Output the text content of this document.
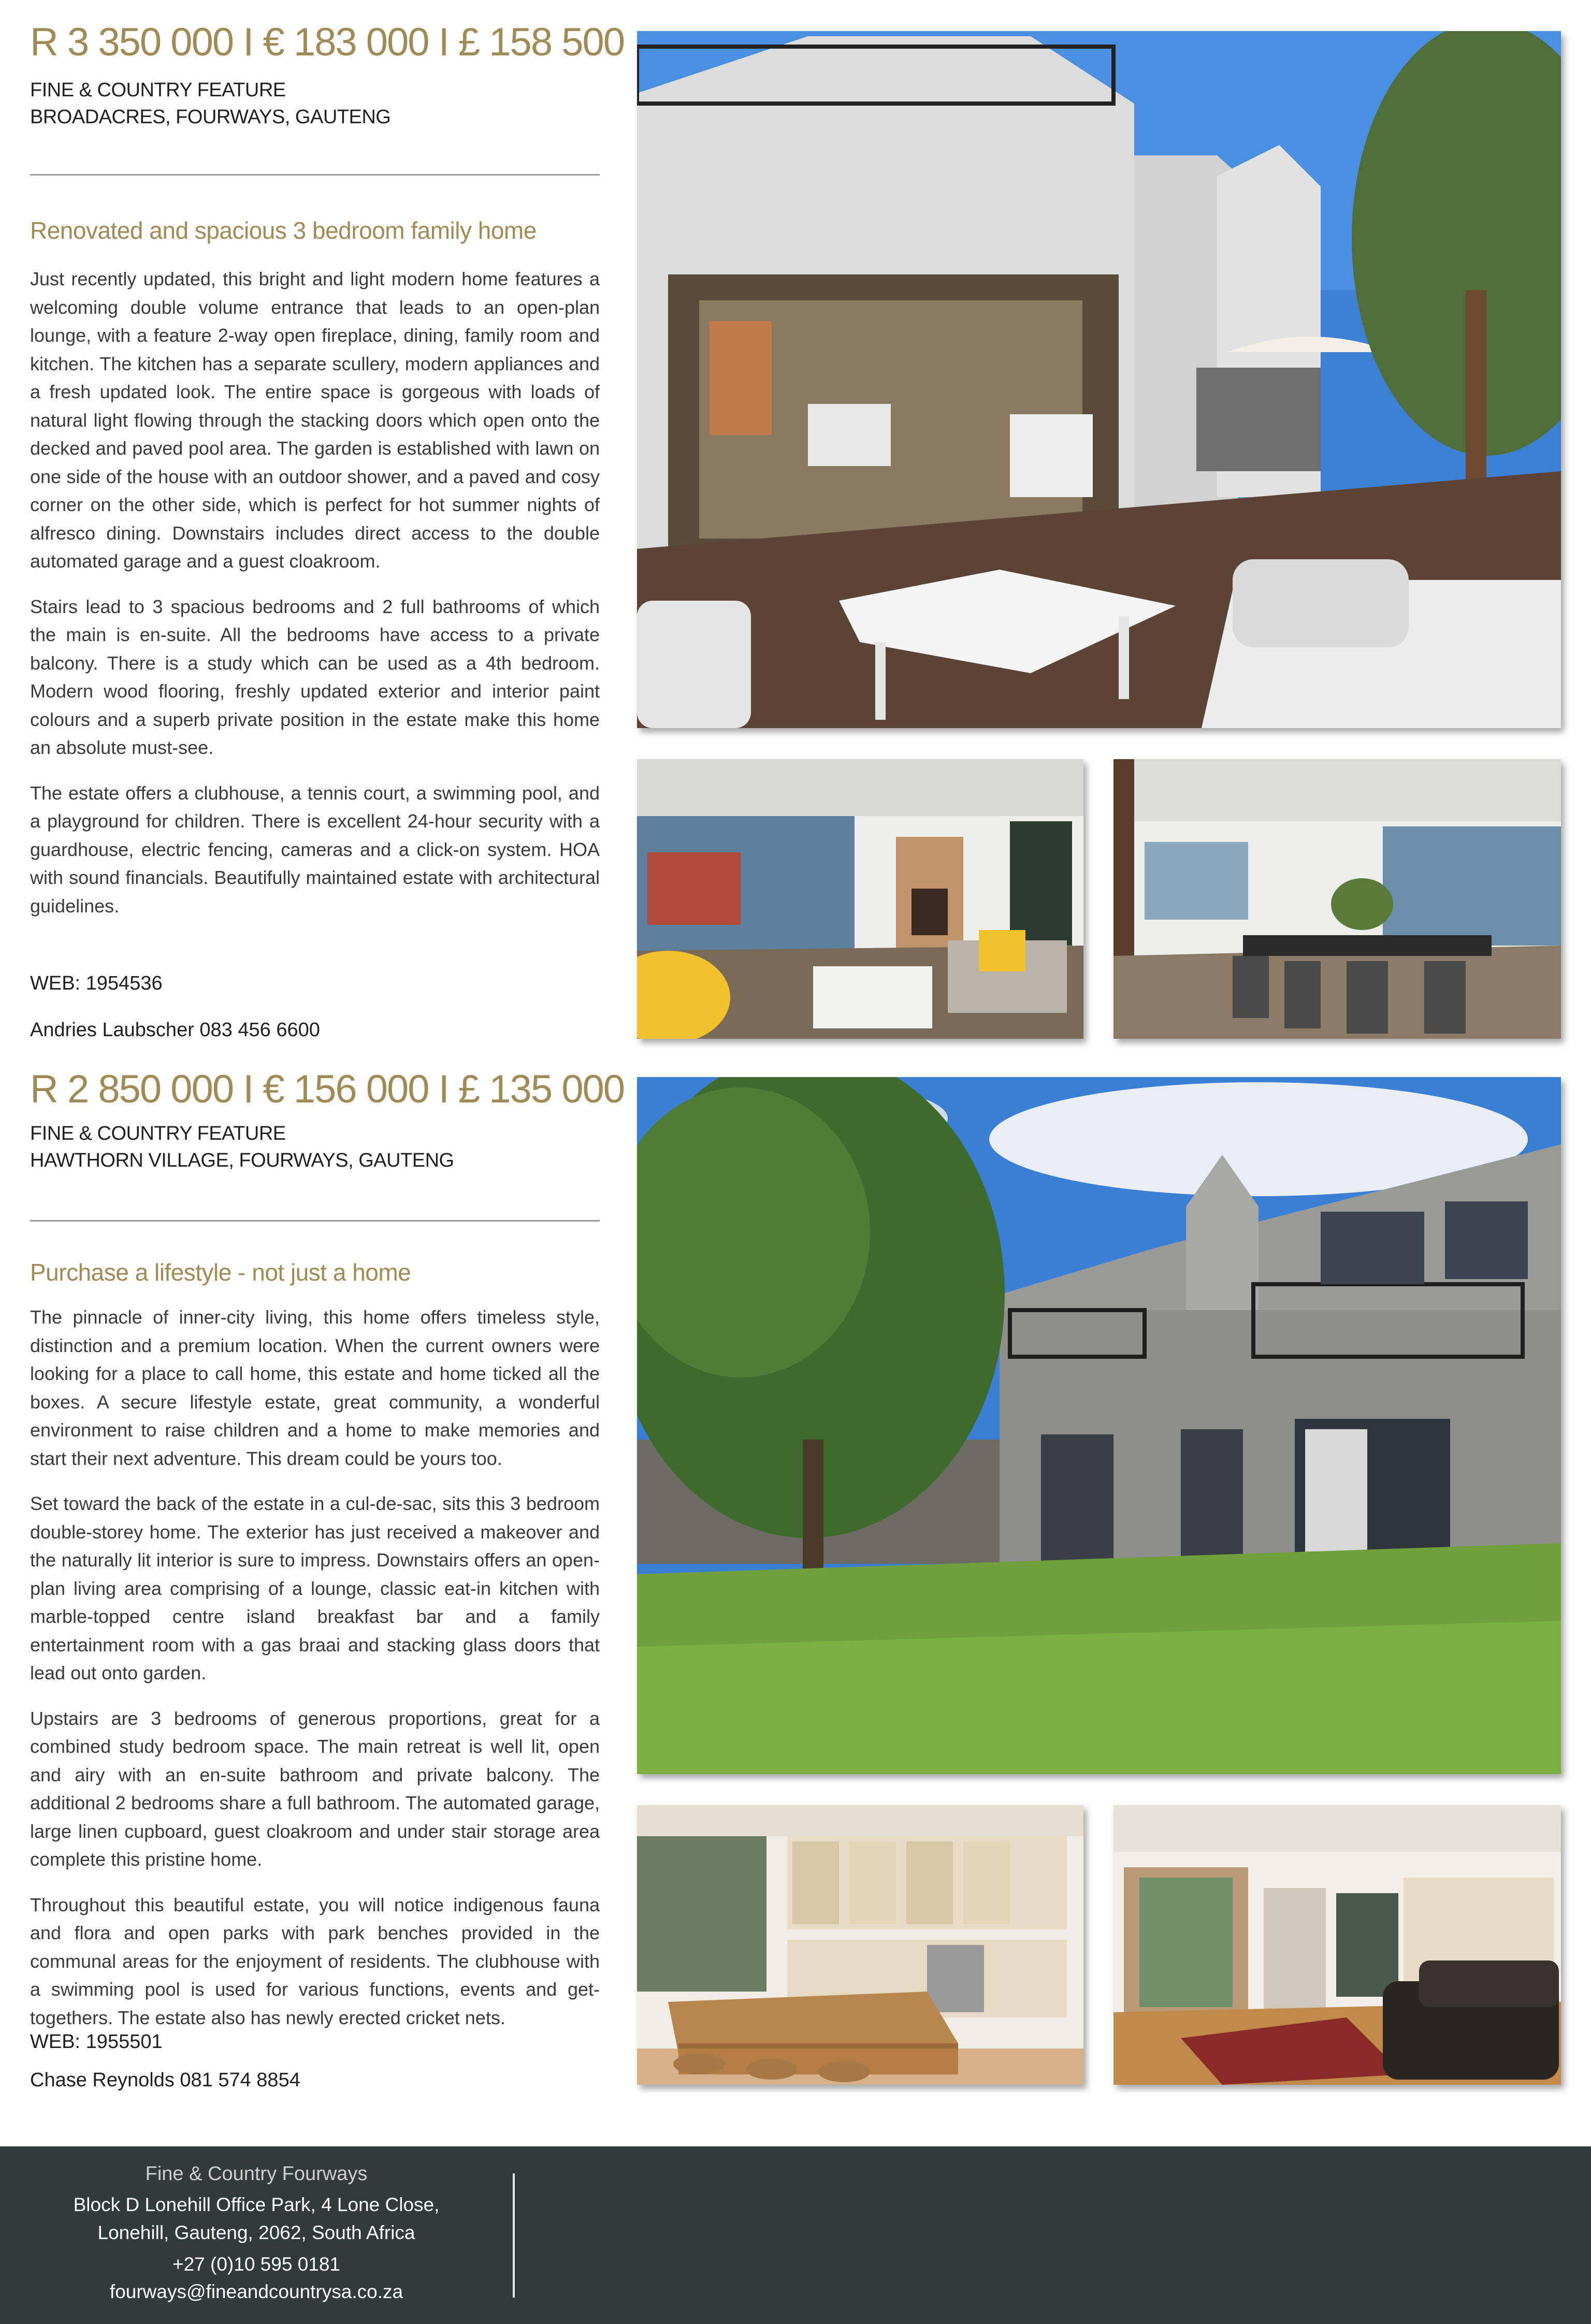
R 3 350 000 I € 183 000 I £ 158 500
FINE & COUNTRY FEATURE
BROADACRES, FOURWAYS, GAUTENG
Renovated and spacious 3 bedroom family home

Just recently updated, this bright and light modern home features a welcoming double volume entrance that leads to an open-plan lounge, with a feature 2-way open fireplace, dining, family room and kitchen. The kitchen has a separate scullery, modern appliances and a fresh updated look. The entire space is gorgeous with loads of natural light flowing through the stacking doors which open onto the decked and paved pool area. The garden is established with lawn on one side of the house with an outdoor shower, and a paved and cosy corner on the other side, which is perfect for hot summer nights of alfresco dining. Downstairs includes direct access to the double automated garage and a guest cloakroom.

Stairs lead to 3 spacious bedrooms and 2 full bathrooms of which the main is en-suite. All the bedrooms have access to a private balcony. There is a study which can be used as a 4th bedroom. Modern wood flooring, freshly updated exterior and interior paint colours and a superb private position in the estate make this home an absolute must-see.

The estate offers a clubhouse, a tennis court, a swimming pool, and a playground for children. There is excellent 24-hour security with a guardhouse, electric fencing, cameras and a click-on system. HOA with sound financials. Beautifully maintained estate with architectural guidelines.

WEB: 1954536
Andries Laubscher 083 456 6600
R 2 850 000 I € 156 000 I £ 135 000
FINE & COUNTRY FEATURE
HAWTHORN VILLAGE, FOURWAYS, GAUTENG
Purchase a lifestyle - not just a home

The pinnacle of inner-city living, this home offers timeless style, distinction and a premium location. When the current owners were looking for a place to call home, this estate and home ticked all the boxes. A secure lifestyle estate, great community, a wonderful environment to raise children and a home to make memories and start their next adventure. This dream could be yours too.

Set toward the back of the estate in a cul-de-sac, sits this 3 bedroom double-storey home. The exterior has just received a makeover and the naturally lit interior is sure to impress. Downstairs offers an open-plan living area comprising of a lounge, classic eat-in kitchen with marble-topped centre island breakfast bar and a family entertainment room with a gas braai and stacking glass doors that lead out onto garden.

Upstairs are 3 bedrooms of generous proportions, great for a combined study bedroom space. The main retreat is well lit, open and airy with an en-suite bathroom and private balcony. The additional 2 bedrooms share a full bathroom. The automated garage, large linen cupboard, guest cloakroom and under stair storage area complete this pristine home.

Throughout this beautiful estate, you will notice indigenous fauna and flora and open parks with park benches provided in the communal areas for the enjoyment of residents. The clubhouse with a swimming pool is used for various functions, events and get-togethers. The estate also has newly erected cricket nets.

WEB: 1955501
Chase Reynolds 081 574 8854
Fine & Country Fourways
Block D Lonehill Office Park, 4 Lone Close,
Lonehill, Gauteng, 2062, South Africa
+27 (0)10 595 0181
fourways@fineandcountrysa.co.za
